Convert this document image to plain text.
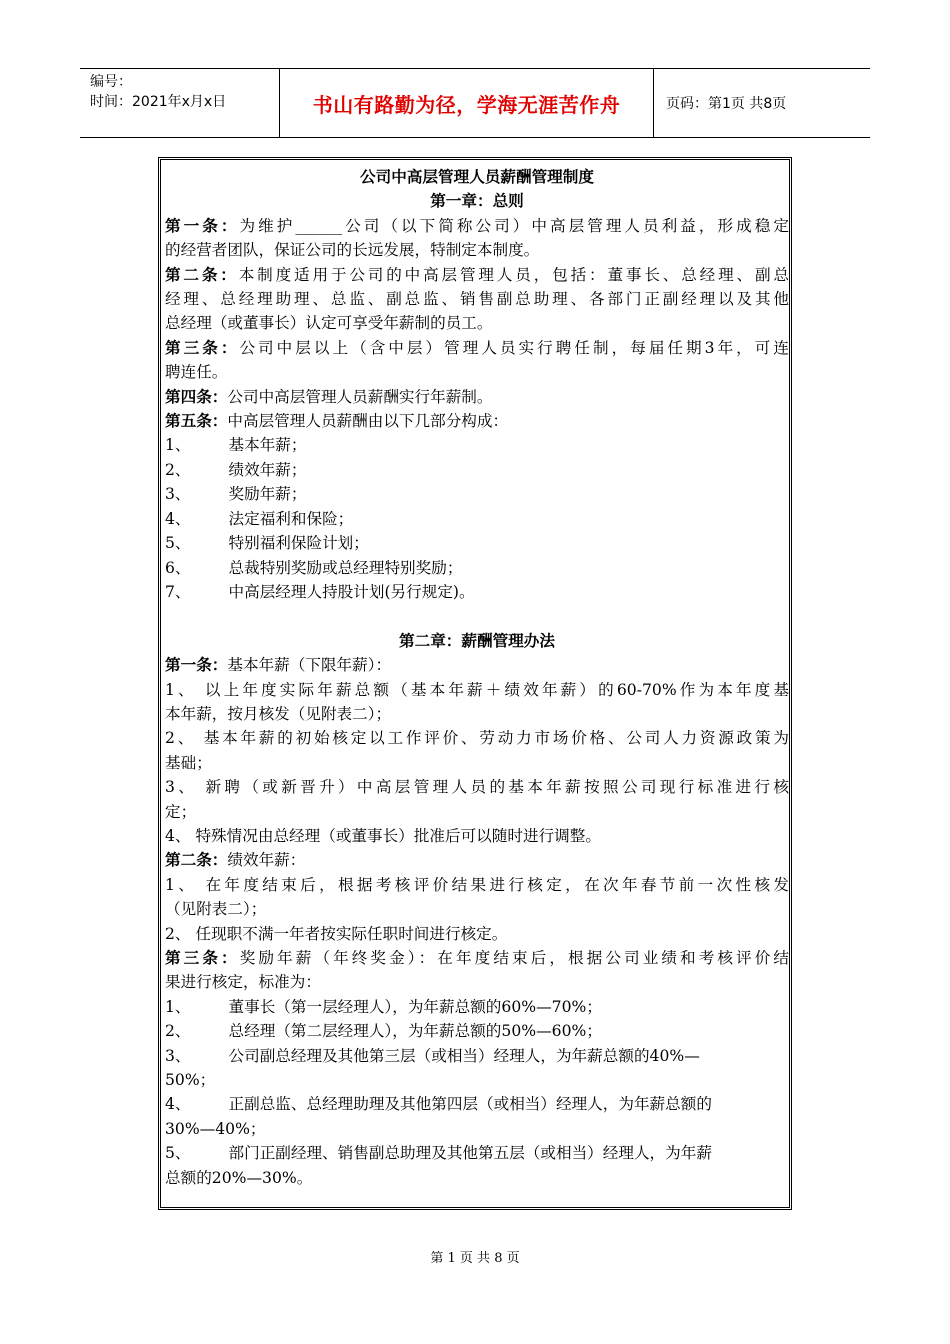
编号：
时间：2021年x月x日	书山有路勤为径，学海无涯苦作舟	页码：第1页 共8页
公司中高层管理人员薪酬管理制度
第一章：总则
第一条：为维护______公司（以下简称公司）中高层管理人员利益，形成稳定
的经营者团队，保证公司的长远发展，特制定本制度。
第二条：本制度适用于公司的中高层管理人员，包括：董事长、总经理、副总
经理、总经理助理、总监、副总监、销售副总助理、各部门正副经理以及其他
总经理（或董事长）认定可享受年薪制的员工。
第三条：公司中层以上（含中层）管理人员实行聘任制，每届任期3年，可连
聘连任。
第四条：公司中高层管理人员薪酬实行年薪制。
第五条：中高层管理人员薪酬由以下几部分构成：
1、 基本年薪；
2、 绩效年薪；
3、 奖励年薪；
4、 法定福利和保险；
5、 特别福利保险计划；
6、 总裁特别奖励或总经理特别奖励；
7、 中高层经理人持股计划(另行规定)。
第二章：薪酬管理办法
第一条：基本年薪（下限年薪）：
1、 以上年度实际年薪总额（基本年薪＋绩效年薪）的60-70%作为本年度基
本年薪，按月核发（见附表二）；
2、 基本年薪的初始核定以工作评价、劳动力市场价格、公司人力资源政策为
基础；
3、 新聘（或新晋升）中高层管理人员的基本年薪按照公司现行标准进行核
定；
4、 特殊情况由总经理（或董事长）批准后可以随时进行调整。
第二条：绩效年薪：
1、 在年度结束后，根据考核评价结果进行核定，在次年春节前一次性核发
（见附表二）；
2、 任现职不满一年者按实际任职时间进行核定。
第三条：奖励年薪（年终奖金）：在年度结束后，根据公司业绩和考核评价结
果进行核定，标准为：
1、 董事长（第一层经理人），为年薪总额的60%—70%；
2、 总经理（第二层经理人），为年薪总额的50%—60%；
3、 公司副总经理及其他第三层（或相当）经理人，为年薪总额的40%—
50%；
4、 正副总监、总经理助理及其他第四层（或相当）经理人，为年薪总额的
30%—40%；
5、 部门正副经理、销售副总助理及其他第五层（或相当）经理人，为年薪
总额的20%—30%。
第 1 页 共 8 页
